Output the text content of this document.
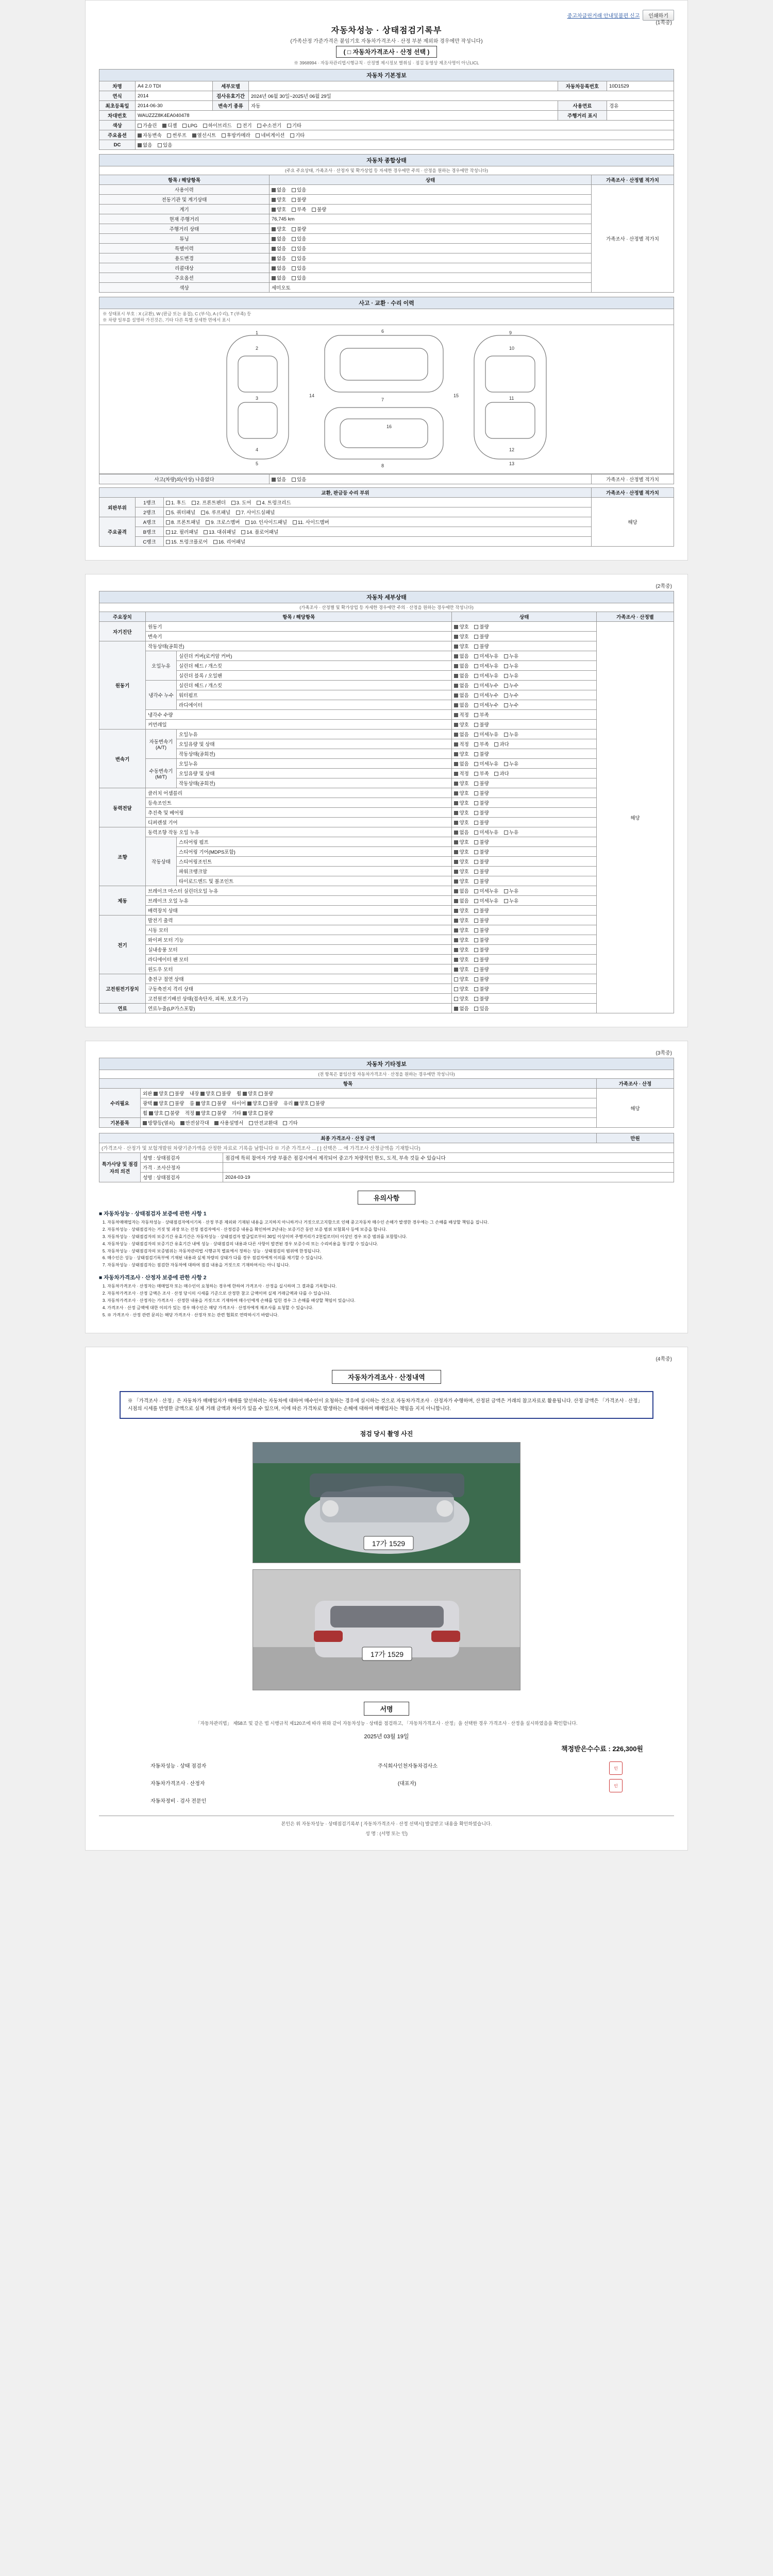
중고차클린거래 안내및불편 신고	인쇄하기
(1쪽중)
자동차성능 · 상태점검기록부
(가족산정 가준가격은 붙임기호 자동차가격조사 · 산정 부분 제외와 경우에만 작성니다)
( □ 자동차가격조사 · 산정 선택 )
※ 3968994 · 자동차관리법시행규칙 · 산정별 제시정보 별취심 · 점검 동영상 제조사명이 아닌LICL
자동차 기본정보
차명	A4 2.0 TDI	세부모델		자동차등록번호	10D1529
연식	2014	검사유효기간	2024년 06월 30일~2025년 06월 29일		
최초등록일	2014-06-30	변속기 종류	자동	사용연료	경유
차대번호	WAUZZZ8K4EA040478			주행거리 표시	
색상	가솔린 디젤 LPG 하이브리드 전기 수소전기 기타				
주요옵션	자동변속 썬루프 열선시트 후방카메라 네비게이션 기타				
DC	없음 있음				
자동차 종합상태
(주요 주요상태, 가족조사 · 산정자 및 확가상업 등 자세한 경우에만 주의 · 산정을 원하는 경우에만 작성니다)
항목 / 해당항목	상태	가족조사 · 산정별 적가치
사용이력	없음 있음	가족조사 · 산정별 적가치
전동기관 및 계기상태	양호 불량	
계기	양호 부족 불량	
현재 주행거리	76,745 km	
주행거리 상태	양호 불량	
튜닝	없음 있음	
특별이력	없음 있음	
용도변경	없음 있음	
리콜대상	없음 있음	
주요옵션	없음 있음	
색상	세미오토	
사고 · 교환 · 수리 이력
※ 상태표시 부호 : X (교환), W (판금 또는 용접), C (부식), A (수리), T (부족) 등
※ 차량 일부를 설명하 가진것은, 기타 다른 특별 상세한 면에서 표시
1
2
3
4
5
6
7
8
9
10
11
12
13
14	15
16
사고(차량)외(사상) 나음없다	없음 있음	가족조사 · 산정별 적가치
교환, 판금등 수리 부위			가족조사 · 산정별 적가치
외판부위	1랭크	1. 후드 2. 프론트펜더 3. 도어 4. 트렁크리드	해당
	2랭크	5. 쿼터패널 6. 루프패널 7. 사이드실패널	
주요골격	A랭크	8. 프론트패널 9. 크로스멤버 10. 인사이드패널 11. 사이드멤버	
	B랭크	12. 필러패널 13. 대쉬패널 14. 플로어패널	
	C랭크	15. 트렁크플로어 16. 리어패널	
(2쪽중)
자동차 세부상태
(가족조사 · 산정별 및 확가상업 등 자세한 경우에만 주의 · 산정을 원하는 경우에만 작성니다)
주요장치	항목 / 해당항목		상태	가족조사 · 산정별
자기진단	원동기		양호 불량	해당
	변속기		양호 불량	
원동기	작동상태(공회전)		양호 불량	
	오일누유	실린더 커버(로커암 커버)	없음 미세누유 누유	
		실린더 헤드 / 개스킷	없음 미세누유 누유	
		실린더 블록 / 오일팬	없음 미세누유 누유	
	냉각수 누수	실린더 헤드 / 개스킷	없음 미세누수 누수	
		워터펌프	없음 미세누수 누수	
		라디에이터	없음 미세누수 누수	
	냉각수 수량		적정 부족	
	커먼레일		양호 불량	
변속기	자동변속기(A/T)	오일누유	없음 미세누유 누유	
		오일유량 및 상태	적정 부족 과다	
		작동상태(공회전)	양호 불량	
	수동변속기(M/T)	오일누유	없음 미세누유 누유	
		오일유량 및 상태	적정 부족 과다	
		작동상태(공회전)	양호 불량	
동력전달	클러치 어셈블리		양호 불량	
	등속조인트		양호 불량	
	추진축 및 베어링		양호 불량	
	디퍼렌셜 기어		양호 불량	
조향	동력조향 작동 오일 누유		없음 미세누유 누유	
	작동상태	스티어링 펌프	양호 불량	
		스티어링 기어(MDPS포함)	양호 불량	
		스티어링조인트	양호 불량	
		파워크랭크암	양호 불량	
		타이로드엔드 및 볼조인트	양호 불량	
제동	브레이크 마스터 실린더오일 누유		없음 미세누유 누유	
	브레이크 오일 누유		없음 미세누유 누유	
	배력장치 상태		양호 불량	
전기	발전기 출력		양호 불량	
	시동 모터		양호 불량	
	와이퍼 모터 기능		양호 불량	
	실내송풍 모터		양호 불량	
	라디에이터 팬 모터		양호 불량	
	윈도우 모터		양호 불량	
고전원전기장치	충전구 절연 상태		양호 불량	
	구동축전지 격리 상태		양호 불량	
	고전원전기배선 상태(접속단자, 피복, 보호기구)		양호 불량	
연료	연료누출(LP가스포함)		없음 있음	
(3쪽중)
자동차 기타정보
(전 항목은 붙임산정 자동차가격조사 · 산정을 원하는 경우에만 작성니다)
항목		가족조사 · 산정
수리필요	외판 양호 불량 내장 양호 불량 휠 양호 불량	해당
	광택 양호 불량 룸 양호 불량 타이어 양호 불량 유리 양호 불량	
	휠 양호 불량 적정 양호 불량 기타 양호 불량	
기본품목	방향등(열쇠) 안전삼각대 사용설명서 안전교환대 기타	
최종 가격조사 · 산정 금액			만원
(가격조사 · 산정가 및 보험개발원 차량기준가액을 산정한 자료로 기록을 남합니다 ※ 기준 가격조사 ... [ ] 선택은 ... 에 가격조사 산정금액을 기재합니다)			
특가사당 및 점검자의 의견	성명 : 상태점검자	점검에 특히 참여자 가방 부품은 점검시에서 제작되어 중고가 차량적인 한도, 도적, 부속 것들 수 있습니다	
	가격 · 조사산정자		
	성명 : 상태점검자	2024-03-19	
유의사항
■ 자동차성능 · 상태점검자 보증에 관한 사항 1
1. 자동차매매업자는 자동차성능 · 상태점검자에서기록 · 산정 부분 제외와 기재된 내용을 고지하지 아니하거나 거짓으로고지함으로 인해 중고자동차 매수인 손해가 발생한 경우에는 그 손해를 배상할 책임을 집니다.
2. 자동차성능 · 상태점검자는 거짓 및 과장 또는 진정 점검자에서 · 산정검증 내용을 확인하여 2년내는 보증기간 동안 보증 범위 보험회사 등에 보증을 합니다.
3. 자동차성능 · 상태점검자의 보증기간 유효기간은 자동차성능 · 상태점검자 발급일로부터 30일 이상이며 주행거리가 2천킬로미터 이상인 경우 보증 범위를 포함합니다.
4. 자동차성능 · 상태점검자의 보증기간 유효기간 내에 성능 · 상태점검의 내용과 다른 사항이 발견된 경우 보증수리 또는 수리비용을 청구할 수 있습니다.
5. 자동차성능 · 상태점검자의 보증범위는 자동차관리법 시행규칙 별표에서 정하는 성능 · 상태점검의 범위에 한정됩니다.
6. 매수인은 성능 · 상태점검기록부에 기재된 내용과 실제 차량의 상태가 다를 경우 점검자에게 이의를 제기할 수 있습니다.
7. 자동차성능 · 상태점검자는 점검한 자동차에 대하여 점검 내용을 거짓으로 기재하여서는 아니 됩니다.
■ 자동차가격조사 · 산정자 보증에 관한 사항 2
1. 자동차가격조사 · 산정자는 매매업자 또는 매수인이 요청하는 경우에 한하여 가격조사 · 산정을 실시하며 그 결과를 기록합니다.
2. 자동차가격조사 · 산정 금액은 조사 · 산정 당시의 시세를 기준으로 산정한 참고 금액이며 실제 거래금액과 다를 수 있습니다.
3. 자동차가격조사 · 산정자는 가격조사 · 산정한 내용을 거짓으로 기재하여 매수인에게 손해를 입힌 경우 그 손해를 배상할 책임이 있습니다.
4. 가격조사 · 산정 금액에 대한 이의가 있는 경우 매수인은 해당 가격조사 · 산정자에게 재조사를 요청할 수 있습니다.
5. ※ 가격조사 · 산정 관련 문의는 해당 가격조사 · 산정자 또는 관련 협회로 연락하시기 바랍니다.
(4쪽중)
자동차가격조사 · 산정내역
※ 「가격조사 · 산정」은 자동차가 매매업자가 매매를 알선하려는 자동차에 대하여 매수인이 요청하는 경우에 실시하는 것으로 자동차가격조사 · 산정자가 수행하며, 산정된 금액은 거래의 참고자료로 활용됩니다. 산정 금액은 「가격조사 · 산정」 시점의 시세를 반영한 금액으로 실제 거래 금액과 차이가 있을 수 있으며, 이에 따른 가격차로 발생하는 손해에 대하여 매매업자는 책임을 지지 아니합니다.
점검 당시 촬영 사진
17가 1529
17가 1529
서명
「자동차관리법」 제58조 및 같은 법 시행규칙 제120조에 따라 위와 같이 자동차성능 · 상태를 점검하고, 「자동차가격조사 · 산정」을 선택한 경우 가격조사 · 산정을 실시하였음을 확인합니다.
2025년 03월 19일
책정받은수수료 : 226,300원
자동차성능 · 상태 점검자	주식회사인천자동차검사소	인
자동차가격조사 · 산정자	(대표자)	인
자동차정비 · 검사 전문인
본인은 위 자동차성능 · 상태점검기록부 [ 자동차가격조사 · 산정 선택시] 발급받고 내용을 확인하였습니다.
성 명 : (서명 또는 인)
